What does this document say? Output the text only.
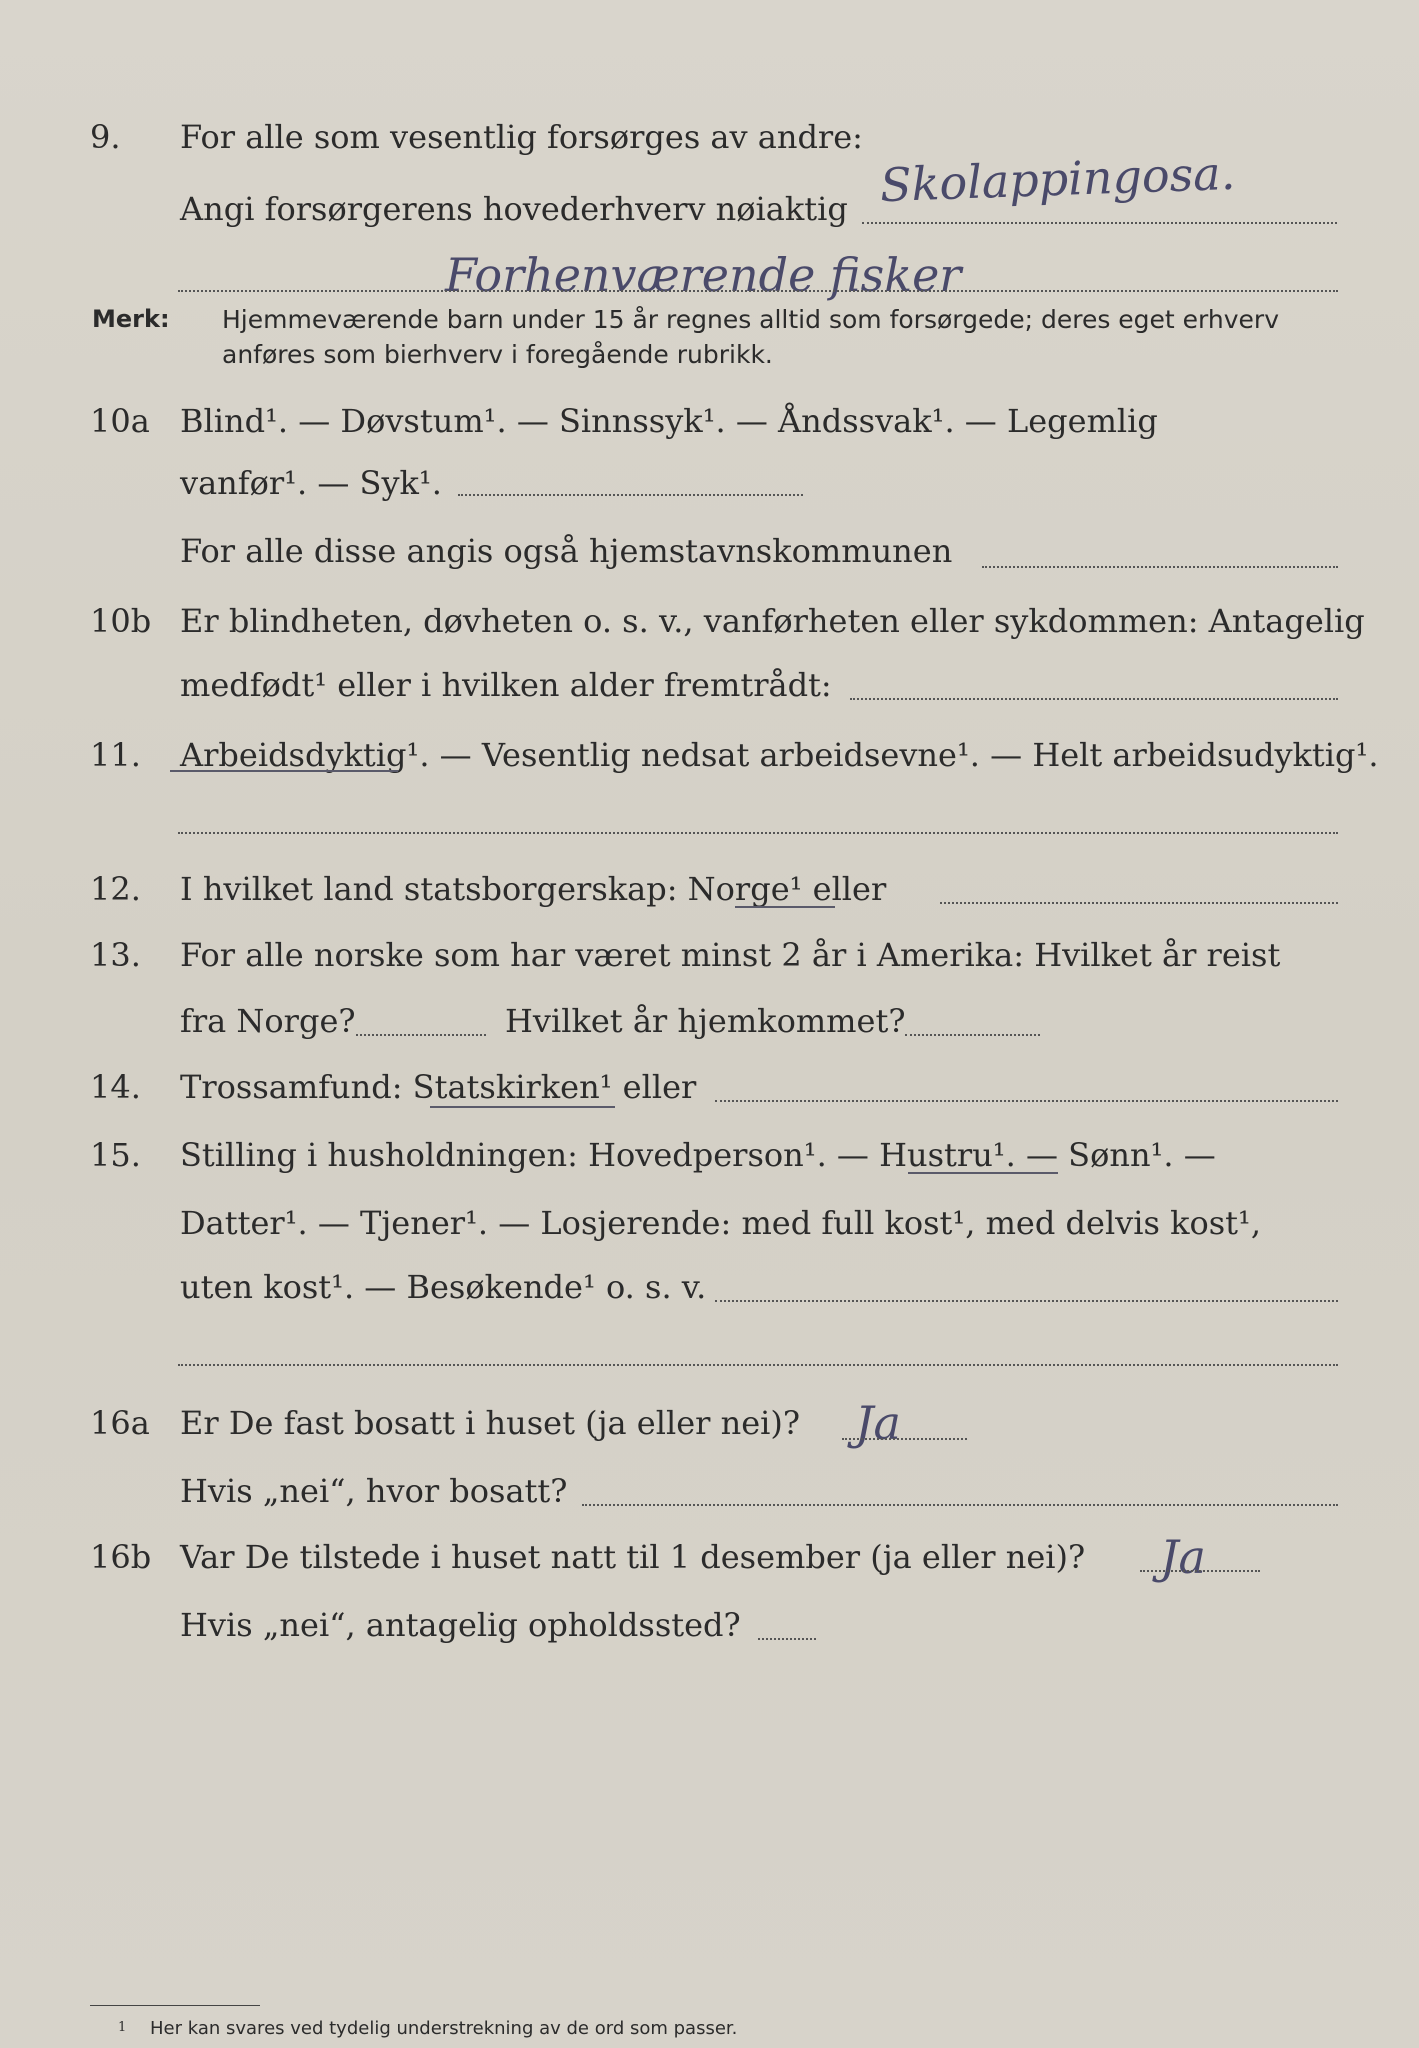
9. For alle som vesentlig forsørges av andre:
Skolappingosa.
Angi forsørgerens hovederhverv nøiaktig
Forhenværende fisker
Merk: Hjemmeværende barn under 15 år regnes alltid som forsørgede; deres eget erhverv
anføres som bierhverv i foregående rubrikk.
10a Blind¹. — Døvstum¹. — Sinnssyk¹. — Åndssvak¹. — Legemlig
vanfør¹. — Syk¹.
For alle disse angis også hjemstavnskommunen
10b Er blindheten, døvheten o. s. v., vanførheten eller sykdommen: Antagelig
medfødt¹ eller i hvilken alder fremtrådt:
11. Arbeidsdyktig¹. — Vesentlig nedsat arbeidsevne¹. — Helt arbeidsudyktig¹.
12. I hvilket land statsborgerskap: Norge¹ eller
13. For alle norske som har været minst 2 år i Amerika: Hvilket år reist
fra Norge?	Hvilket år hjemkommet?
14. Trossamfund: Statskirken¹ eller
15. Stilling i husholdningen: Hovedperson¹. — Hustru¹. — Sønn¹. —
Datter¹. — Tjener¹. — Losjerende: med full kost¹, med delvis kost¹,
uten kost¹. — Besøkende¹ o. s. v.
16a Er De fast bosatt i huset (ja eller nei)? Ja
Hvis „nei“, hvor bosatt?
16b Var De tilstede i huset natt til 1 desember (ja eller nei)? Ja
Hvis „nei“, antagelig opholdssted?
1 Her kan svares ved tydelig understrekning av de ord som passer.
